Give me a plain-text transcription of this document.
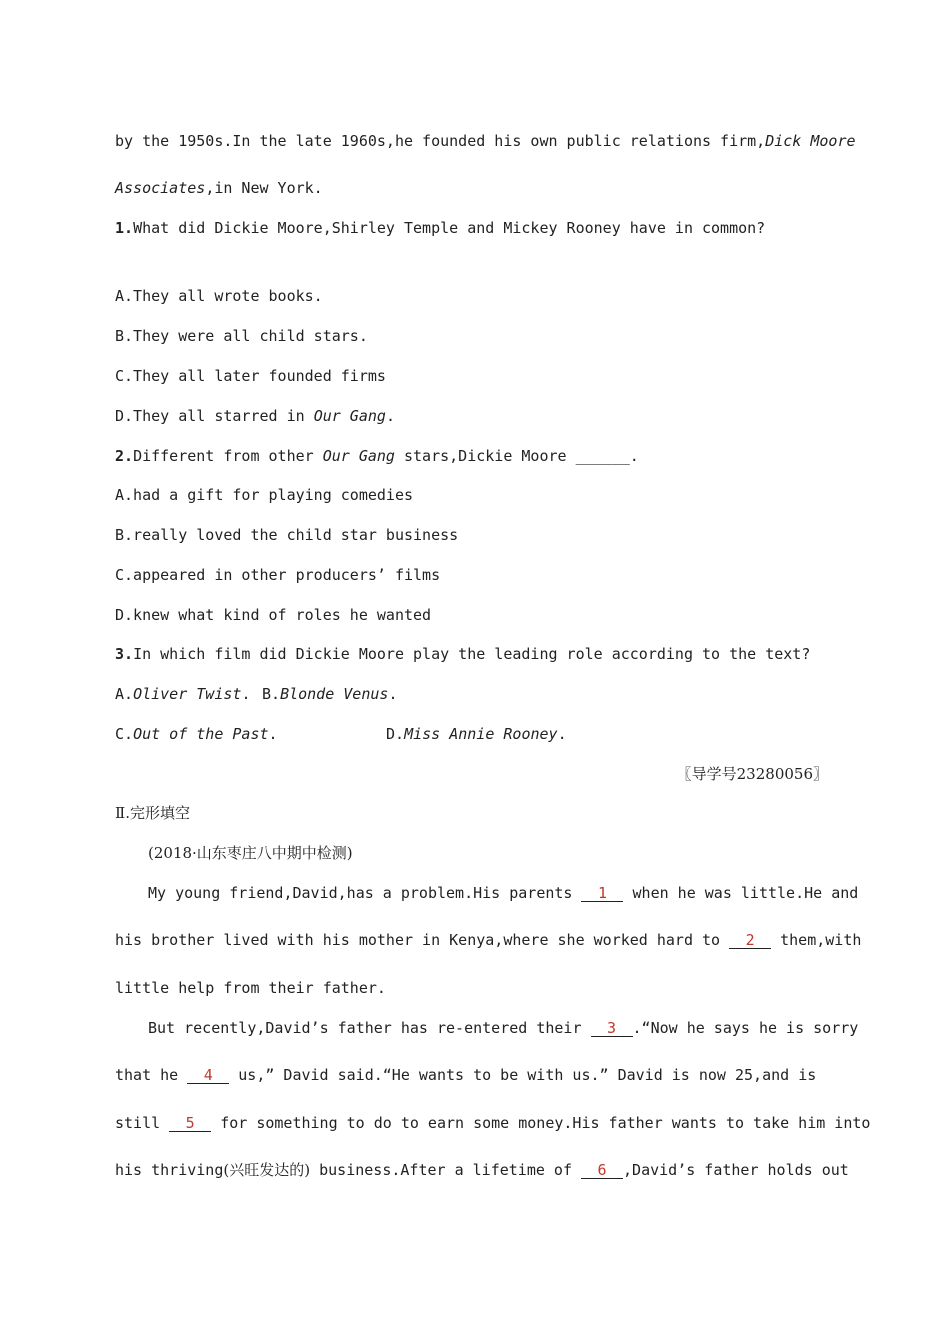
by the 1950s.In the late 1960s,he founded his own public relations firm,Dick Moore
Associates,in New York.
1.What did Dickie Moore,Shirley Temple and Mickey Rooney have in common?
A.They all wrote books.
B.They were all child stars.
C.They all later founded firms
D.They all starred in Our Gang.
2.Different from other Our Gang stars,Dickie Moore ______.
A.had a gift for playing comedies
B.really loved the child star business
C.appeared in other producers’ films
D.knew what kind of roles he wanted
3.In which film did Dickie Moore play the leading role according to the text?
A.Oliver Twist. B.Blonde Venus.
C.Out of the Past.	D.Miss Annie Rooney.
〖导学号23280056〗
Ⅱ.完形填空
(2018·山东枣庄八中期中检测)
My young friend,David,has a problem.His parents 1 when he was little.He and
his brother lived with his mother in Kenya,where she worked hard to 2 them,with
little help from their father.
But recently,David’s father has re-entered their 3 .“Now he says he is sorry
that he 4 us,” David said.“He wants to be with us.” David is now 25,and is
still 5 for something to do to earn some money.His father wants to take him into
his thriving(兴旺发达的) business.After a lifetime of 6 ,David’s father holds out
